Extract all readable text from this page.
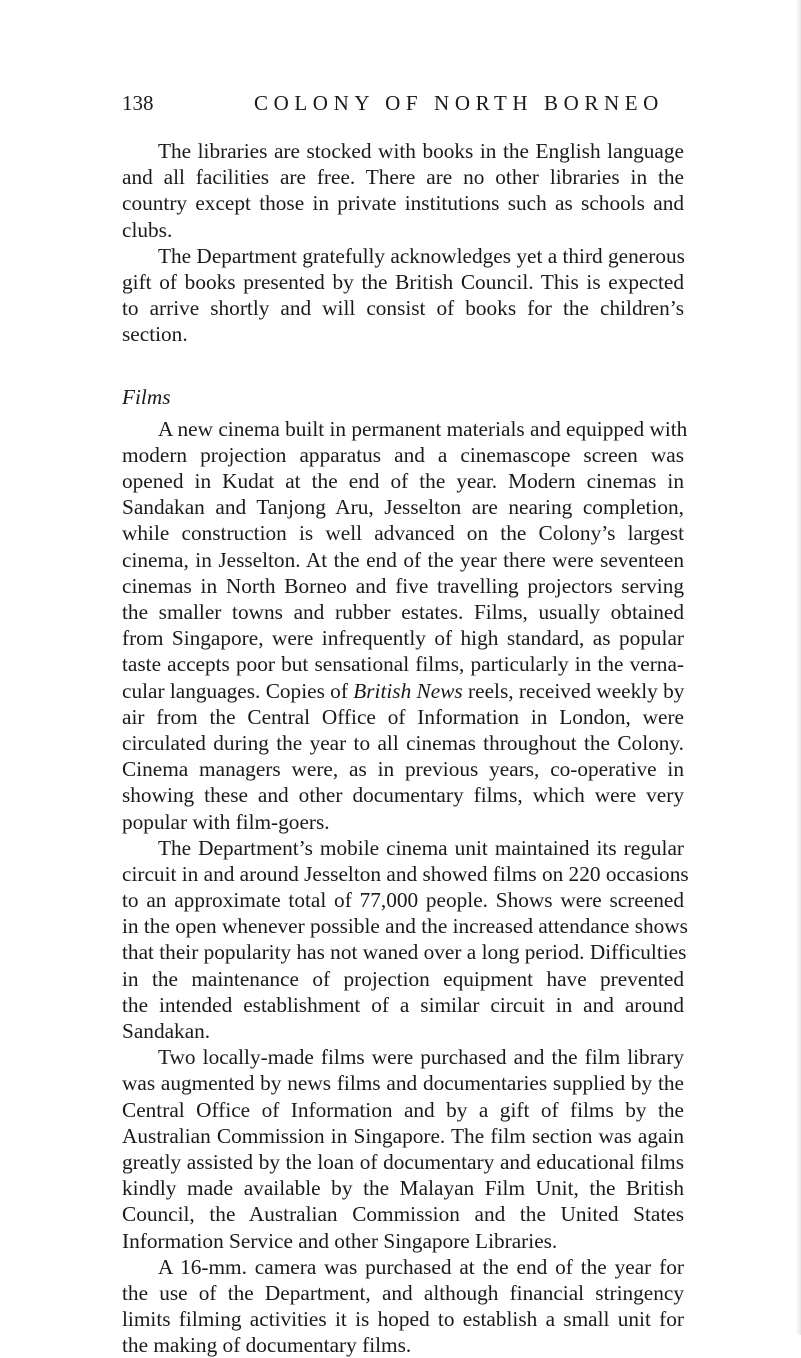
138	COLONY OF NORTH BORNEO
The libraries are stocked with books in the English language
and all facilities are free. There are no other libraries in the
country except those in private institutions such as schools and
clubs.
The Department gratefully acknowledges yet a third generous
gift of books presented by the British Council. This is expected
to arrive shortly and will consist of books for the children’s
section.
Films
A new cinema built in permanent materials and equipped with
modern projection apparatus and a cinemascope screen was
opened in Kudat at the end of the year. Modern cinemas in
Sandakan and Tanjong Aru, Jesselton are nearing completion,
while construction is well advanced on the Colony’s largest
cinema, in Jesselton. At the end of the year there were seventeen
cinemas in North Borneo and five travelling projectors serving
the smaller towns and rubber estates. Films, usually obtained
from Singapore, were infrequently of high standard, as popular
taste accepts poor but sensational films, particularly in the verna-
cular languages. Copies of British News reels, received weekly by
air from the Central Office of Information in London, were
circulated during the year to all cinemas throughout the Colony.
Cinema managers were, as in previous years, co-operative in
showing these and other documentary films, which were very
popular with film-goers.
The Department’s mobile cinema unit maintained its regular
circuit in and around Jesselton and showed films on 220 occasions
to an approximate total of 77,000 people. Shows were screened
in the open whenever possible and the increased attendance shows
that their popularity has not waned over a long period. Difficulties
in the maintenance of projection equipment have prevented
the intended establishment of a similar circuit in and around
Sandakan.
Two locally-made films were purchased and the film library
was augmented by news films and documentaries supplied by the
Central Office of Information and by a gift of films by the
Australian Commission in Singapore. The film section was again
greatly assisted by the loan of documentary and educational films
kindly made available by the Malayan Film Unit, the British
Council, the Australian Commission and the United States
Information Service and other Singapore Libraries.
A 16-mm. camera was purchased at the end of the year for
the use of the Department, and although financial stringency
limits filming activities it is hoped to establish a small unit for
the making of documentary films.
